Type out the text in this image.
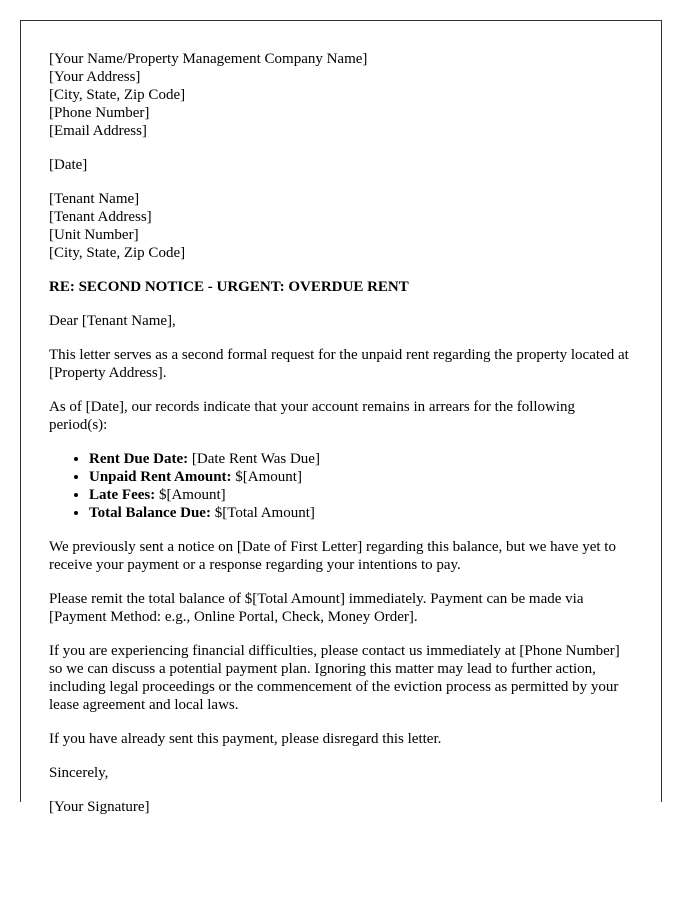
[Your Name/Property Management Company Name]
[Your Address]
[City, State, Zip Code]
[Phone Number]
[Email Address]

[Date]

[Tenant Name]
[Tenant Address]
[Unit Number]
[City, State, Zip Code]
RE: SECOND NOTICE - URGENT: OVERDUE RENT

Dear [Tenant Name],

This letter serves as a second formal request for the unpaid rent regarding the property located at [Property Address].

As of [Date], our records indicate that your account remains in arrears for the following period(s):

• Rent Due Date: [Date Rent Was Due]
• Unpaid Rent Amount: $[Amount]
• Late Fees: $[Amount]
• Total Balance Due: $[Total Amount]

We previously sent a notice on [Date of First Letter] regarding this balance, but we have yet to receive your payment or a response regarding your intentions to pay.

Please remit the total balance of $[Total Amount] immediately. Payment can be made via [Payment Method: e.g., Online Portal, Check, Money Order].

If you are experiencing financial difficulties, please contact us immediately at [Phone Number] so we can discuss a potential payment plan. Ignoring this matter may lead to further action, including legal proceedings or the commencement of the eviction process as permitted by your lease agreement and local laws.

If you have already sent this payment, please disregard this letter.

Sincerely,

[Your Signature]
